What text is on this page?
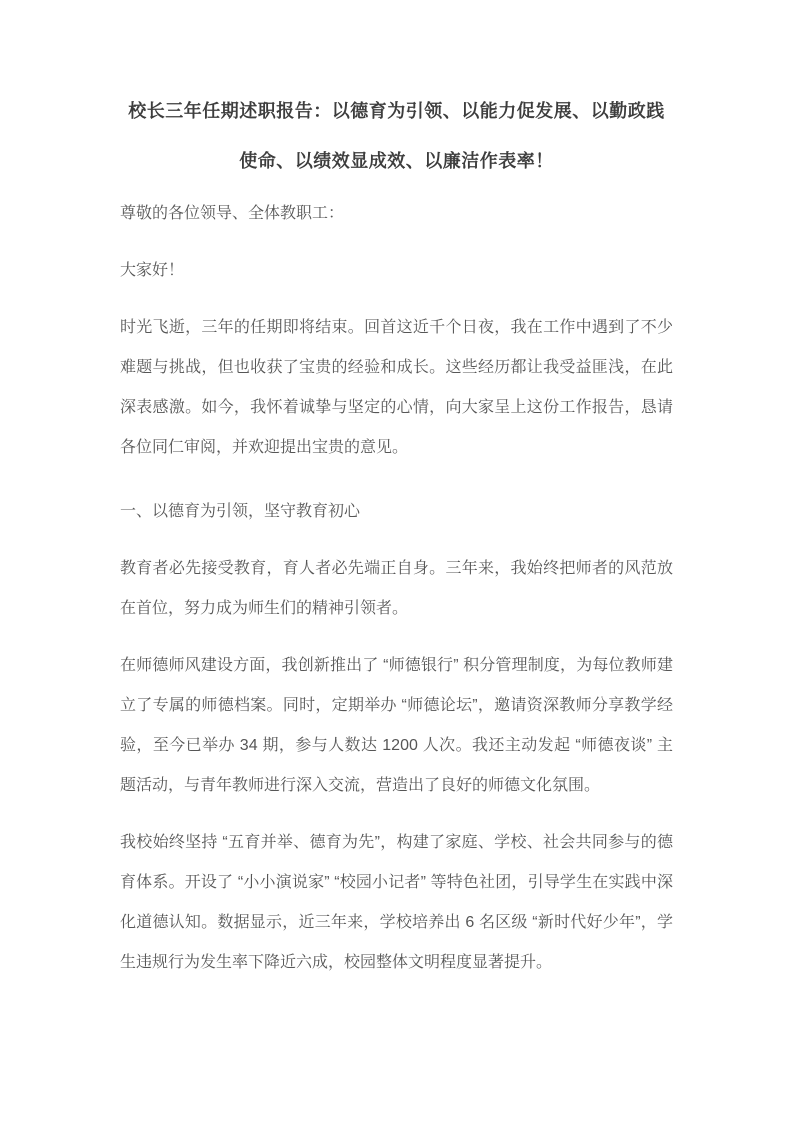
校长三年任期述职报告：以德育为引领、以能力促发展、以勤政践使命、以绩效显成效、以廉洁作表率！

尊敬的各位领导、全体教职工：

大家好！

时光飞逝，三年的任期即将结束。回首这近千个日夜，我在工作中遇到了不少难题与挑战，但也收获了宝贵的经验和成长。这些经历都让我受益匪浅，在此深表感激。如今，我怀着诚挚与坚定的心情，向大家呈上这份工作报告，恳请各位同仁审阅，并欢迎提出宝贵的意见。

一、以德育为引领，坚守教育初心

教育者必先接受教育，育人者必先端正自身。三年来，我始终把师者的风范放在首位，努力成为师生们的精神引领者。

在师德师风建设方面，我创新推出了 “师德银行” 积分管理制度，为每位教师建立了专属的师德档案。同时，定期举办 “师德论坛”，邀请资深教师分享教学经验，至今已举办 34 期，参与人数达 1200 人次。我还主动发起 “师德夜谈” 主题活动，与青年教师进行深入交流，营造出了良好的师德文化氛围。

我校始终坚持 “五育并举、德育为先”，构建了家庭、学校、社会共同参与的德育体系。开设了 “小小演说家” “校园小记者” 等特色社团，引导学生在实践中深化道德认知。数据显示，近三年来，学校培养出 6 名区级 “新时代好少年”，学生违规行为发生率下降近六成，校园整体文明程度显著提升。
